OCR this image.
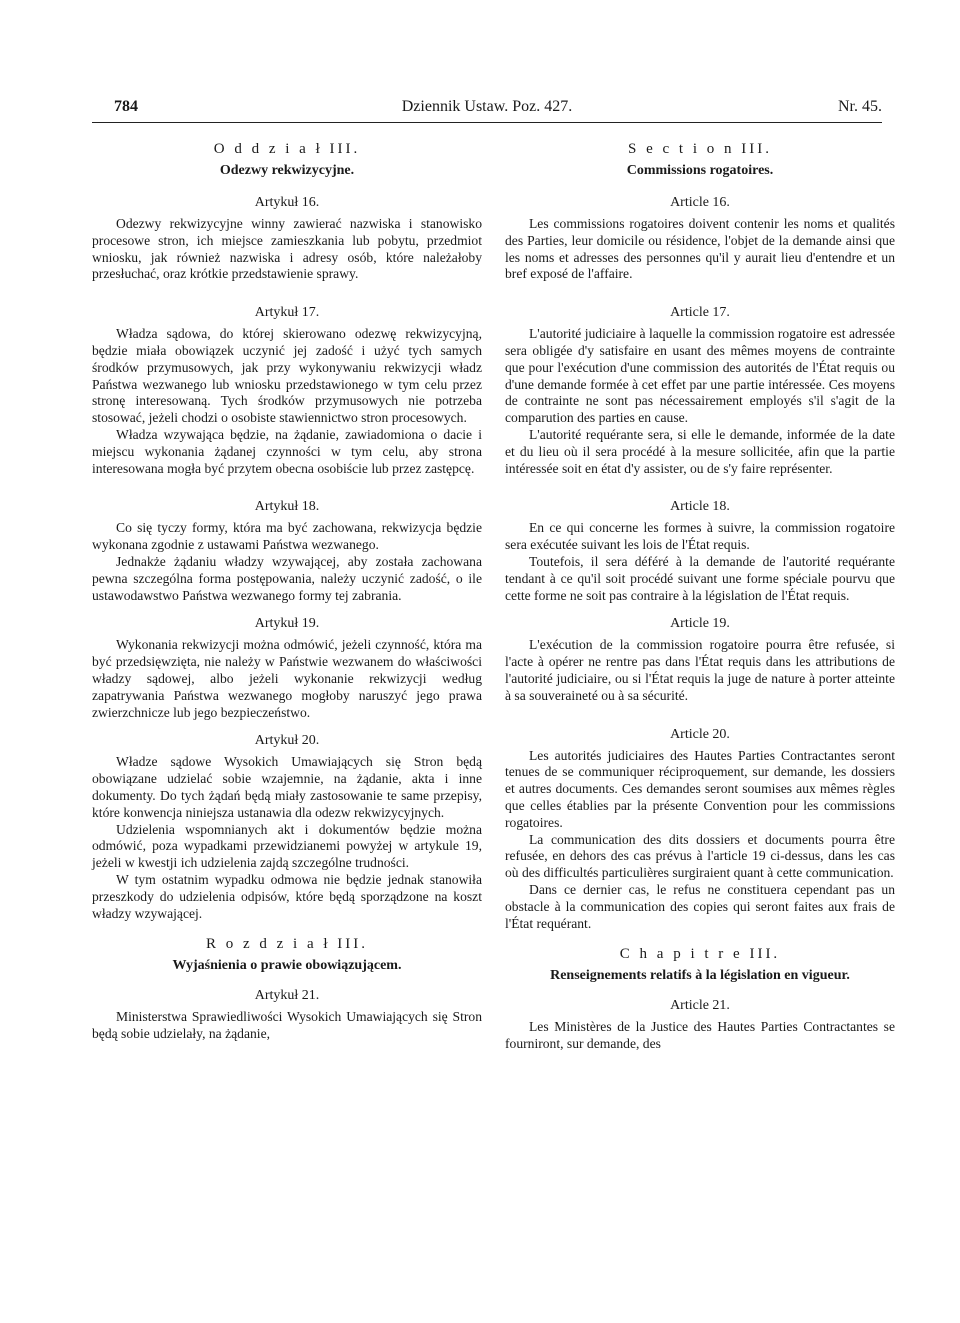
784	Dziennik Ustaw. Poz. 427.	Nr. 45.
O d d z i a ł III.
Odezwy rekwizycyjne.
Artykuł 16.

Odezwy rekwizycyjne winny zawierać nazwiska i stanowisko procesowe stron, ich miejsce zamieszkania lub pobytu, przedmiot wniosku, jak również nazwiska i adresy osób, które należałoby przesłuchać, oraz krótkie przedstawienie sprawy.

Artykuł 17.

Władza sądowa, do której skierowano odezwę rekwizycyjną, będzie miała obowiązek uczynić jej zadość i użyć tych samych środków przymusowych, jak przy wykonywaniu rekwizycji władz Państwa wezwanego lub wniosku przedstawionego w tym celu przez stronę interesowaną. Tych środków przymusowych nie potrzeba stosować, jeżeli chodzi o osobiste stawiennictwo stron procesowych.

Władza wzywająca będzie, na żądanie, zawiadomiona o dacie i miejscu wykonania żądanej czynności w tym celu, aby strona interesowana mogła być przytem obecna osobiście lub przez zastępcę.

Artykuł 18.

Co się tyczy formy, która ma być zachowana, rekwizycja będzie wykonana zgodnie z ustawami Państwa wezwanego.

Jednakże żądaniu władzy wzywającej, aby została zachowana pewna szczególna forma postępowania, należy uczynić zadość, o ile ustawodawstwo Państwa wezwanego formy tej zabrania.

Artykuł 19.

Wykonania rekwizycji można odmówić, jeżeli czynność, która ma być przedsięwzięta, nie należy w Państwie wezwanem do właściwości władzy sądowej, albo jeżeli wykonanie rekwizycji według zapatrywania Państwa wezwanego mogłoby naruszyć jego prawa zwierzchnicze lub jego bezpieczeństwo.

Artykuł 20.

Władze sądowe Wysokich Umawiających się Stron będą obowiązane udzielać sobie wzajemnie, na żądanie, akta i inne dokumenty. Do tych żądań będą miały zastosowanie te same przepisy, które konwencja niniejsza ustanawia dla odezw rekwizycyjnych.

Udzielenia wspomnianych akt i dokumentów będzie można odmówić, poza wypadkami przewidzianemi powyżej w artykule 19, jeżeli w kwestji ich udzielenia zajdą szczególne trudności.

W tym ostatnim wypadku odmowa nie będzie jednak stanowiła przeszkody do udzielenia odpisów, które będą sporządzone na koszt władzy wzywającej.

R o z d z i a ł III.
Wyjaśnienia o prawie obowiązującem.
Artykuł 21.

Ministerstwa Sprawiedliwości Wysokich Umawiających się Stron będą sobie udzielały, na żądanie,

S e c t i o n III.
Commissions rogatoires.
Article 16.

Les commissions rogatoires doivent contenir les noms et qualités des Parties, leur domicile ou résidence, l'objet de la demande ainsi que les noms et adresses des personnes qu'il y aurait lieu d'entendre et un bref exposé de l'affaire.

Article 17.

L'autorité judiciaire à laquelle la commission rogatoire est adressée sera obligée d'y satisfaire en usant des mêmes moyens de contrainte que pour l'exécution d'une commission des autorités de l'État requis ou d'une demande formée à cet effet par une partie intéressée. Ces moyens de contrainte ne sont pas nécessairement employés s'il s'agit de la comparution des parties en cause.

L'autorité requérante sera, si elle le demande, informée de la date et du lieu où il sera procédé à la mesure sollicitée, afin que la partie intéressée soit en état d'y assister, ou de s'y faire représenter.

Article 18.

En ce qui concerne les formes à suivre, la commission rogatoire sera exécutée suivant les lois de l'État requis.

Toutefois, il sera déféré à la demande de l'autorité requérante tendant à ce qu'il soit procédé suivant une forme spéciale pourvu que cette forme ne soit pas contraire à la législation de l'État requis.

Article 19.

L'exécution de la commission rogatoire pourra être refusée, si l'acte à opérer ne rentre pas dans l'État requis dans les attributions de l'autorité judiciaire, ou si l'État requis la juge de nature à porter atteinte à sa souveraineté ou à sa sécurité.

Article 20.

Les autorités judiciaires des Hautes Parties Contractantes seront tenues de se communiquer réciproquement, sur demande, les dossiers et autres documents. Ces demandes seront soumises aux mêmes règles que celles établies par la présente Convention pour les commissions rogatoires.

La communication des dits dossiers et documents pourra être refusée, en dehors des cas prévus à l'article 19 ci-dessus, dans les cas où des difficultés particulières surgiraient quant à cette communication.

Dans ce dernier cas, le refus ne constituera cependant pas un obstacle à la communication des copies qui seront faites aux frais de l'État requérant.

C h a p i t r e III.
Renseignements relatifs à la législation en vigueur.
Article 21.

Les Ministères de la Justice des Hautes Parties Contractantes se fourniront, sur demande, des
